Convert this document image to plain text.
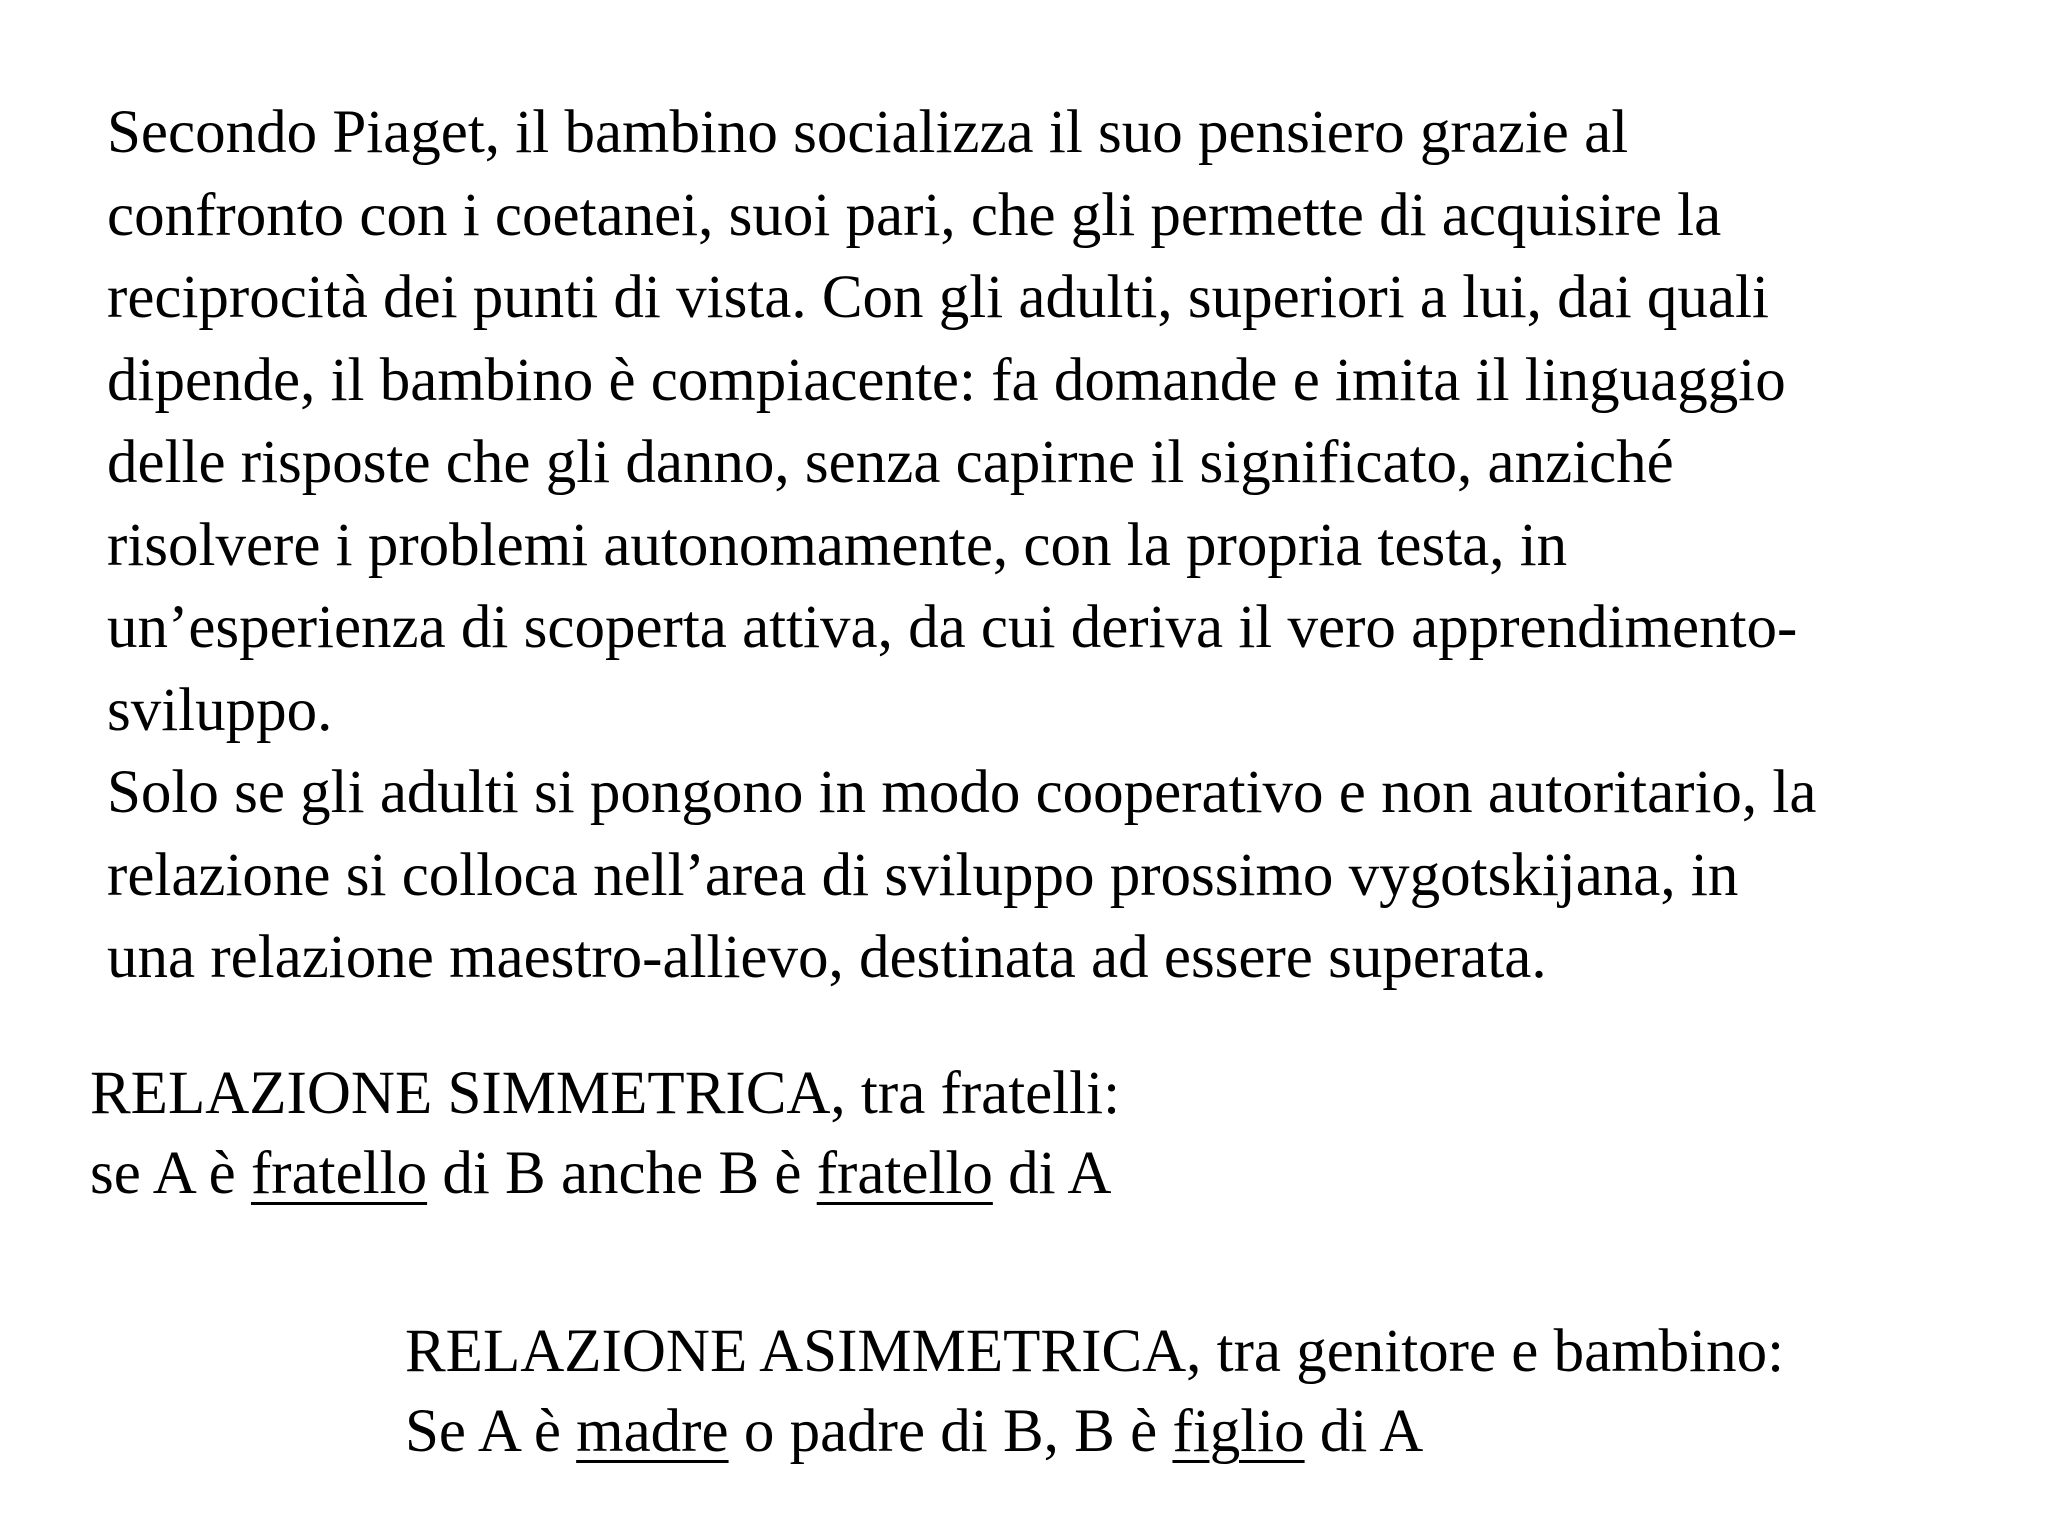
Secondo Piaget, il bambino socializza il suo pensiero grazie al
confronto con i coetanei, suoi pari, che gli permette di acquisire la
reciprocità dei punti di vista. Con gli adulti, superiori a lui, dai quali
dipende, il bambino è compiacente: fa domande e imita il linguaggio
delle risposte che gli danno, senza capirne il significato, anziché
risolvere i problemi autonomamente, con la propria testa, in
un’esperienza di scoperta attiva, da cui deriva il vero apprendimento-
sviluppo.

Solo se gli adulti si pongono in modo cooperativo e non autoritario, la
relazione si colloca nell’area di sviluppo prossimo vygotskijana, in
una relazione maestro-allievo, destinata ad essere superata.

RELAZIONE SIMMETRICA, tra fratelli:
se A è fratello di B anche B è fratello di A
RELAZIONE ASIMMETRICA, tra genitore e bambino:
Se A è madre o padre di B, B è figlio di A
